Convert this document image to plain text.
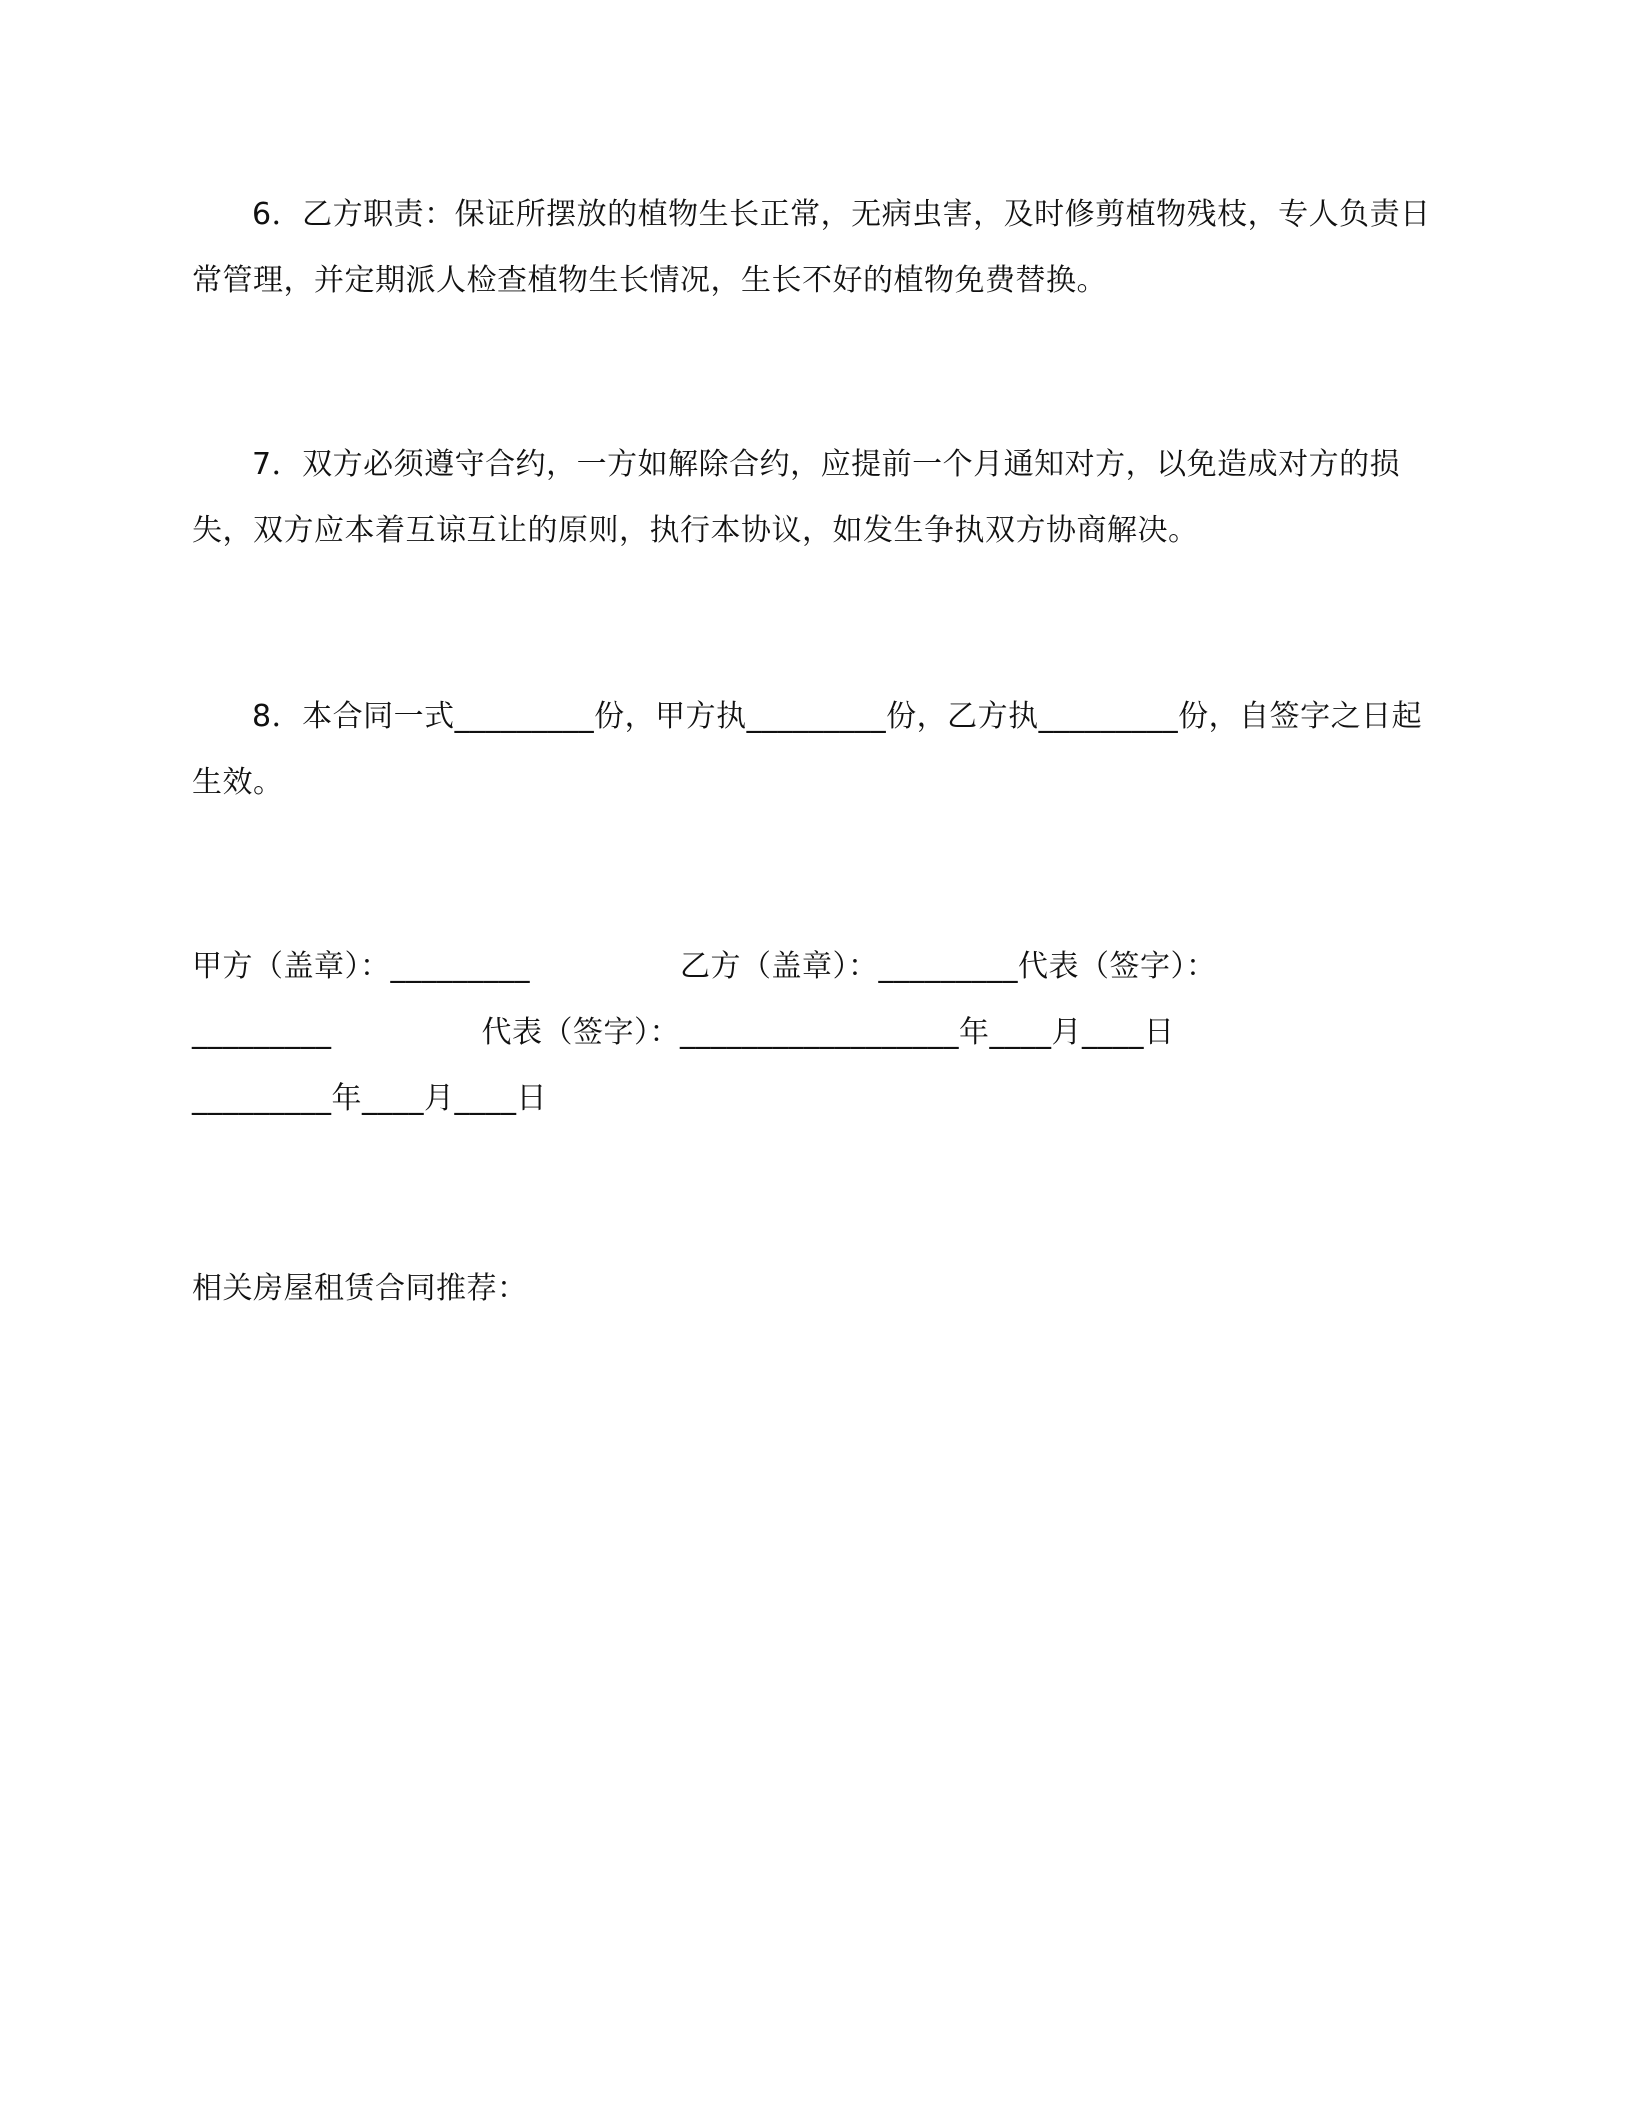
6．乙方职责：保证所摆放的植物生长正常，无病虫害，及时修剪植物残枝，专人负责日常管理，并定期派人检查植物生长情况，生长不好的植物免费替换。

7．双方必须遵守合约，一方如解除合约，应提前一个月通知对方，以免造成对方的损失，双方应本着互谅互让的原则，执行本协议，如发生争执双方协商解决。

8．本合同一式_________份，甲方执_________份，乙方执_________份，自签字之日起生效。

甲方（盖章）：_________	乙方（盖章）：_________代表（签字）：
_________	代表（签字）：__________________年____月____日
_________年____月____日

相关房屋租赁合同推荐：
